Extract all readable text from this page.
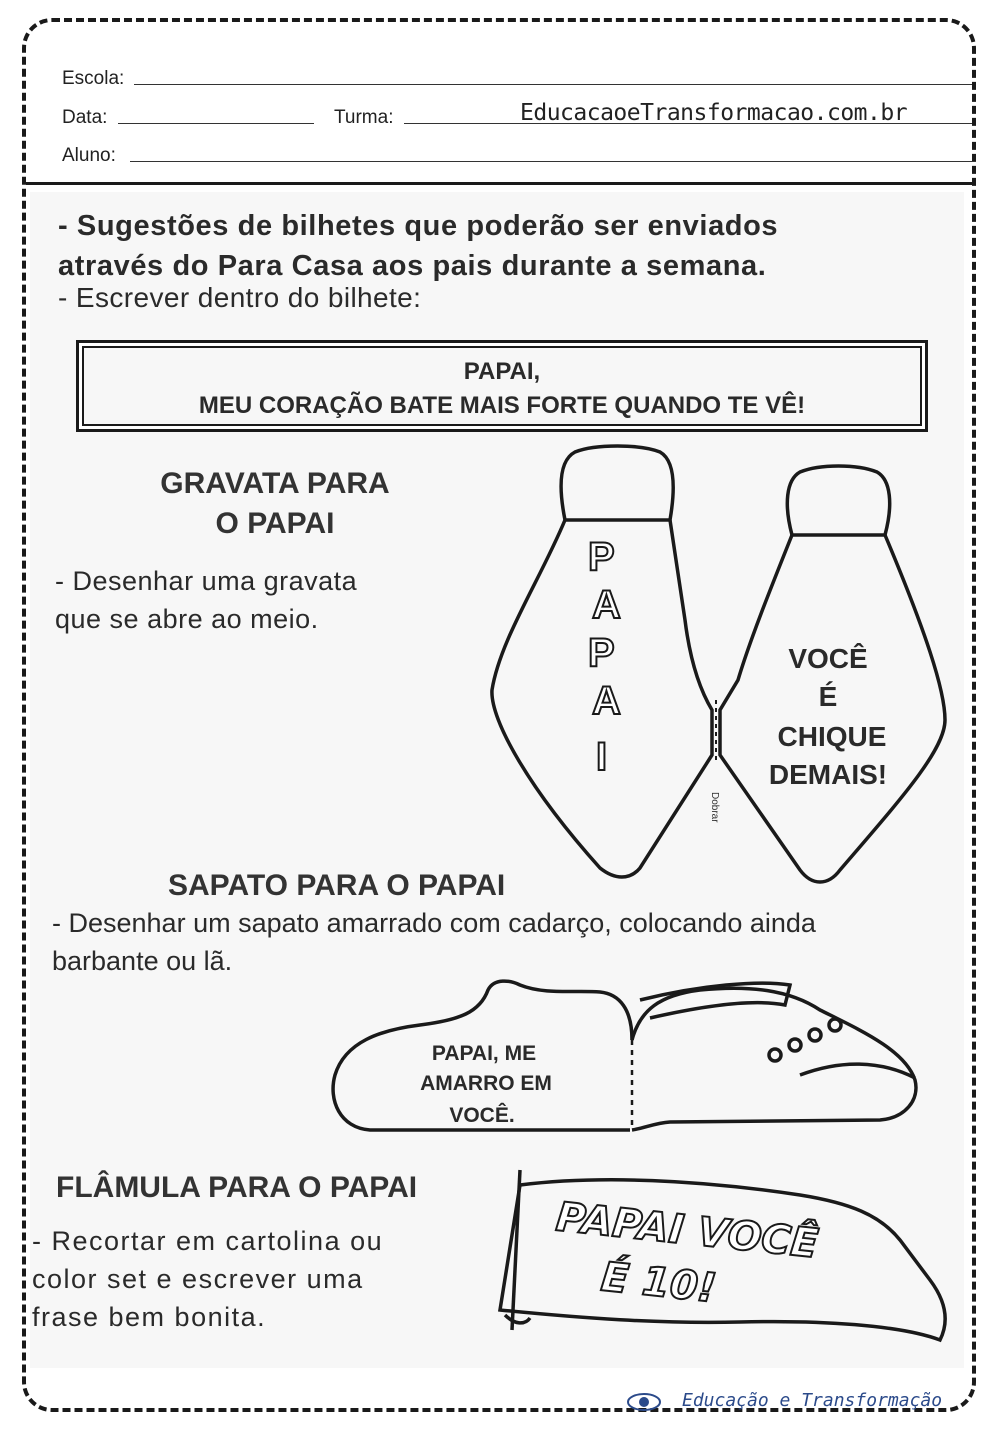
Escola:
Data:	Turma:	EducacaoeTransformacao.com.br
Aluno:
- Sugestões de bilhetes que poderão ser enviados
através do Para Casa aos pais durante a semana.
- Escrever dentro do bilhete:
PAPAI,
MEU CORAÇÃO BATE MAIS FORTE QUANDO TE VÊ!
GRAVATA PARA
O PAPAI
- Desenhar uma gravata
que se abre ao meio.
SAPATO PARA O PAPAI
- Desenhar um sapato amarrado com cadarço, colocando ainda
barbante ou lã.
FLÂMULA PARA O PAPAI
- Recortar em cartolina ou
color set e escrever uma
frase bem bonita.
P
A
P
A
I
Dobrar
VOCÊ
É
CHIQUE
DEMAIS!
PAPAI, ME
AMARRO EM
VOCÊ.
PAPAI VOCÊ
É 10!
Educação e Transformação
